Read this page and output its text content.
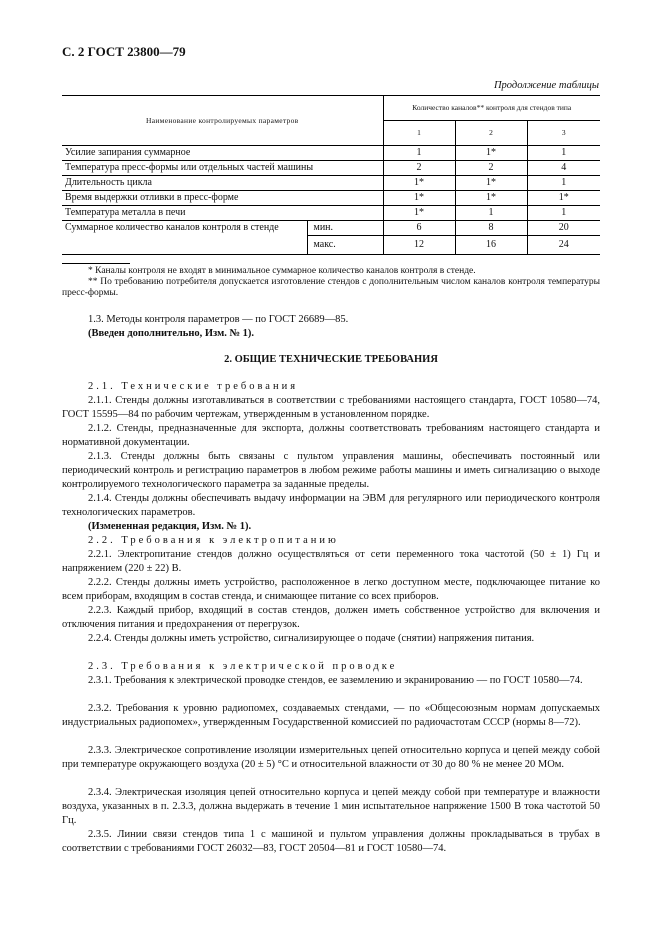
С. 2 ГОСТ 23800—79
Продолжение таблицы
Наименование контролируемых параметров		Количество каналов** контроля для стендов типа		
		1	2	3
Усилие запирания суммарное		1	1*	1
Температура пресс-формы или отдельных частей машины		2	2	4
Длительность цикла		1*	1*	1
Время выдержки отливки в пресс-форме		1*	1*	1*
Температура металла в печи		1*	1	1
Суммарное количество каналов контроля в стенде	мин.	6	8	20
	макс.	12	16	24
* Каналы контроля не входят в минимальное суммарное количество каналов контроля в стенде.
** По требованию потребителя допускается изготовление стендов с дополнительным числом каналов контроля температуры пресс-формы.

1.3. Методы контроля параметров — по ГОСТ 26689—85.

(Введен дополнительно, Изм. № 1).

2. ОБЩИЕ ТЕХНИЧЕСКИЕ ТРЕБОВАНИЯ

2.1. Технические требования

2.1.1. Стенды должны изготавливаться в соответствии с требованиями настоящего стандарта, ГОСТ 10580—74, ГОСТ 15595—84 по рабочим чертежам, утвержденным в установленном порядке.

2.1.2. Стенды, предназначенные для экспорта, должны соответствовать требованиям настоящего стандарта и нормативной документации.

2.1.3. Стенды должны быть связаны с пультом управления машины, обеспечивать постоянный или периодический контроль и регистрацию параметров в любом режиме работы машины и иметь сигнализацию о выходе контролируемого технологического параметра за заданные пределы.

2.1.4. Стенды должны обеспечивать выдачу информации на ЭВМ для регулярного или периодического контроля технологических параметров.

(Измененная редакция, Изм. № 1).

2.2. Требования к электропитанию

2.2.1. Электропитание стендов должно осуществляться от сети переменного тока частотой (50 ± 1) Гц и напряжением (220 ± 22) В.

2.2.2. Стенды должны иметь устройство, расположенное в легко доступном месте, подключающее питание ко всем приборам, входящим в состав стенда, и снимающее питание со всех приборов.

2.2.3. Каждый прибор, входящий в состав стендов, должен иметь собственное устройство для включения и отключения питания и предохранения от перегрузок.

2.2.4. Стенды должны иметь устройство, сигнализирующее о подаче (снятии) напряжения питания.

2.3. Требования к электрической проводке

2.3.1. Требования к электрической проводке стендов, ее заземлению и экранированию — по ГОСТ 10580—74.

2.3.2. Требования к уровню радиопомех, создаваемых стендами, — по «Общесоюзным нормам допускаемых индустриальных радиопомех», утвержденным Государственной комиссией по радиочастотам СССР (нормы 8—72).

2.3.3. Электрическое сопротивление изоляции измерительных цепей относительно корпуса и цепей между собой при температуре окружающего воздуха (20 ± 5) °С и относительной влажности от 30 до 80 % не менее 20 МОм.

2.3.4. Электрическая изоляция цепей относительно корпуса и цепей между собой при температуре и влажности воздуха, указанных в п. 2.3.3, должна выдержать в течение 1 мин испытательное напряжение 1500 В тока частотой 50 Гц.

2.3.5. Линии связи стендов типа 1 с машиной и пультом управления должны прокладываться в трубах в соответствии с требованиями ГОСТ 26032—83, ГОСТ 20504—81 и ГОСТ 10580—74.
